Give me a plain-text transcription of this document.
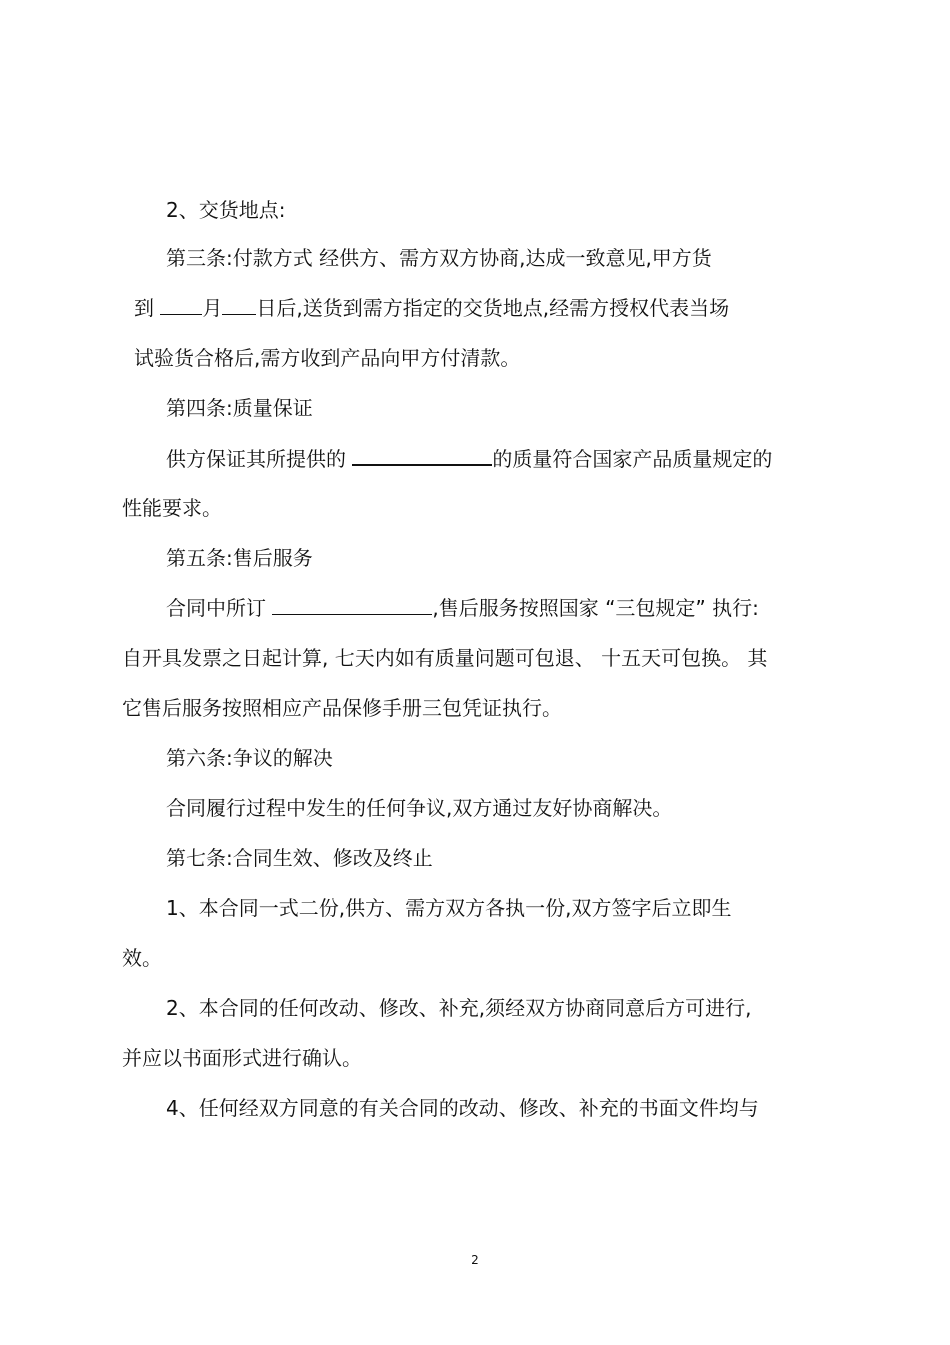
2、交货地点:
第三条:付款方式 经供方、需方双方协商,达成一致意见,甲方货
到 月 日后,送货到需方指定的交货地点,经需方授权代表当场
试验货合格后,需方收到产品向甲方付清款。
第四条:质量保证
供方保证其所提供的	的质量符合国家产品质量规定的
性能要求。
第五条:售后服务
合同中所订	,售后服务按照国家 “三包规定” 执行:
自开具发票之日起计算, 七天内如有质量问题可包退、 十五天可包换。 其
它售后服务按照相应产品保修手册三包凭证执行。
第六条:争议的解决
合同履行过程中发生的任何争议,双方通过友好协商解决。
第七条:合同生效、修改及终止
1、本合同一式二份,供方、需方双方各执一份,双方签字后立即生
效。
2、本合同的任何改动、修改、补充,须经双方协商同意后方可进行,
并应以书面形式进行确认。
4、任何经双方同意的有关合同的改动、修改、补充的书面文件均与
2
